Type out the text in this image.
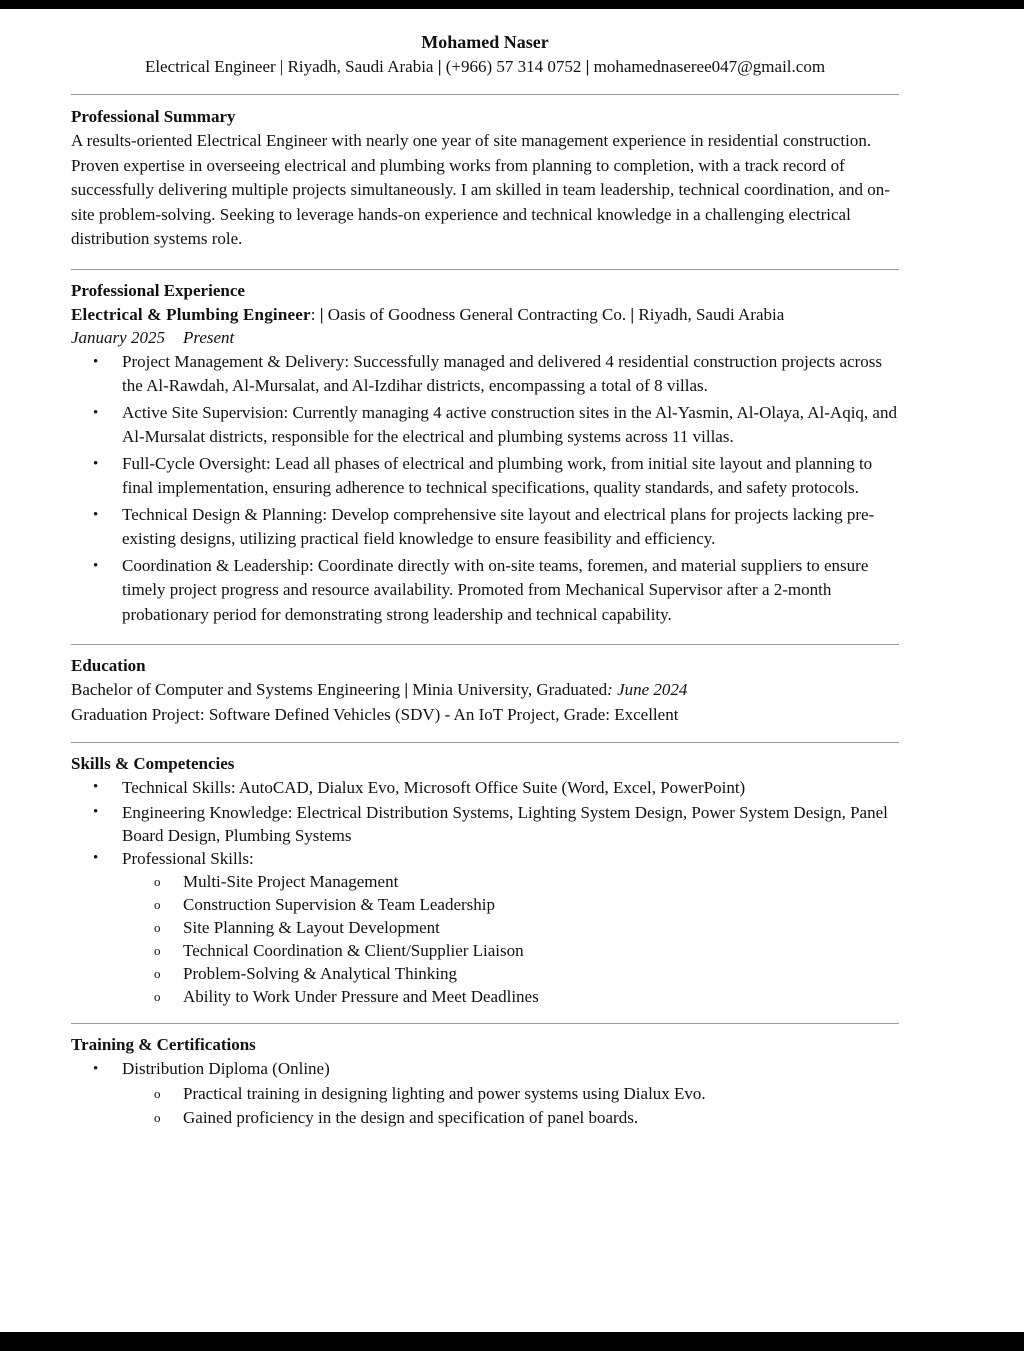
Mohamed Naser
Electrical Engineer | Riyadh, Saudi Arabia | (+966) 57 314 0752 | mohamednaseree047@gmail.com
Professional Summary

A results-oriented Electrical Engineer with nearly one year of site management experience in residential construction. Proven expertise in overseeing electrical and plumbing works from planning to completion, with a track record of successfully delivering multiple projects simultaneously. I am skilled in team leadership, technical coordination, and on-site problem-solving. Seeking to leverage hands-on experience and technical knowledge in a challenging electrical distribution systems role.

Professional Experience
Electrical & Plumbing Engineer: | Oasis of Goodness General Contracting Co. | Riyadh, Saudi Arabia
January 2025 Present
• Project Management & Delivery: Successfully managed and delivered 4 residential construction projects across the Al-Rawdah, Al-Mursalat, and Al-Izdihar districts, encompassing a total of 8 villas.
• Active Site Supervision: Currently managing 4 active construction sites in the Al-Yasmin, Al-Olaya, Al-Aqiq, and Al-Mursalat districts, responsible for the electrical and plumbing systems across 11 villas.
• Full-Cycle Oversight: Lead all phases of electrical and plumbing work, from initial site layout and planning to final implementation, ensuring adherence to technical specifications, quality standards, and safety protocols.
• Technical Design & Planning: Develop comprehensive site layout and electrical plans for projects lacking pre-existing designs, utilizing practical field knowledge to ensure feasibility and efficiency.
• Coordination & Leadership: Coordinate directly with on-site teams, foremen, and material suppliers to ensure timely project progress and resource availability. Promoted from Mechanical Supervisor after a 2-month probationary period for demonstrating strong leadership and technical capability.
Education

Bachelor of Computer and Systems Engineering | Minia University, Graduated: June 2024

Graduation Project: Software Defined Vehicles (SDV) - An IoT Project, Grade: Excellent

Skills & Competencies
• Technical Skills: AutoCAD, Dialux Evo, Microsoft Office Suite (Word, Excel, PowerPoint)
• Engineering Knowledge: Electrical Distribution Systems, Lighting System Design, Power System Design, Panel Board Design, Plumbing Systems
• Professional Skills:
o Multi-Site Project Management
o Construction Supervision & Team Leadership
o Site Planning & Layout Development
o Technical Coordination & Client/Supplier Liaison
o Problem-Solving & Analytical Thinking
o Ability to Work Under Pressure and Meet Deadlines
Training & Certifications
• Distribution Diploma (Online)
o Practical training in designing lighting and power systems using Dialux Evo.
o Gained proficiency in the design and specification of panel boards.
